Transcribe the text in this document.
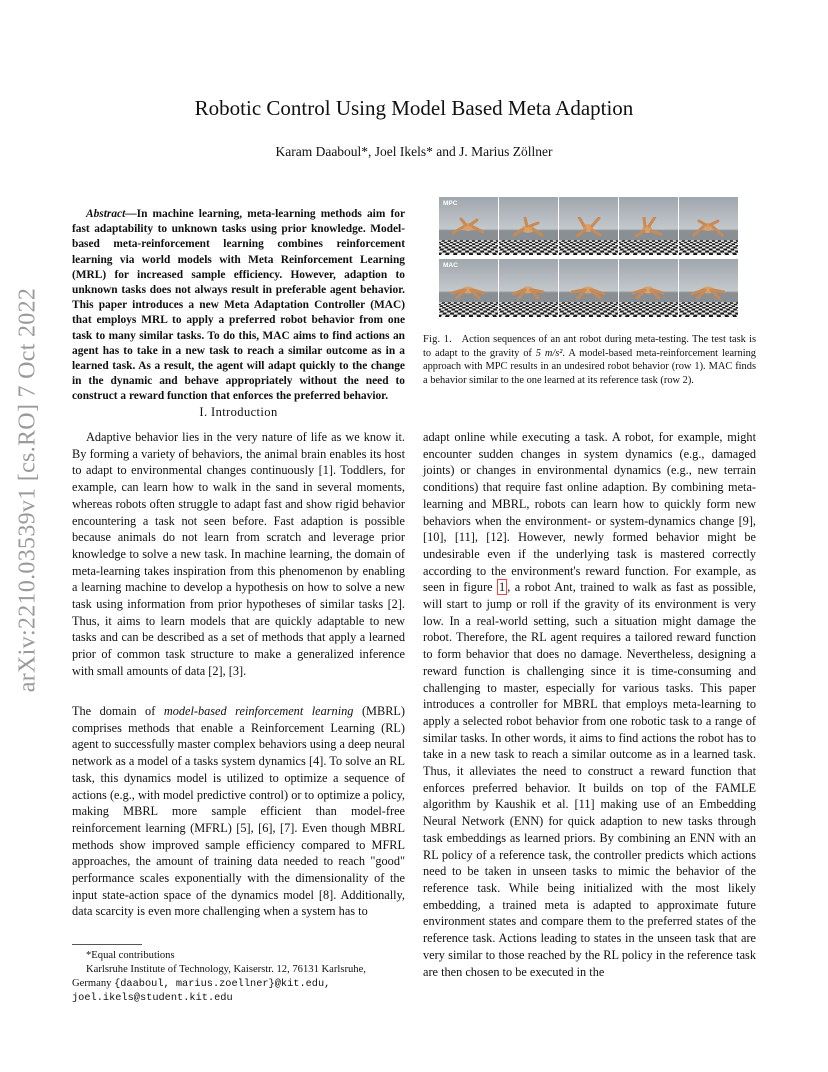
Robotic Control Using Model Based Meta Adaption
Karam Daaboul*, Joel Ikels* and J. Marius Zöllner
arXiv:2210.03539v1 [cs.RO] 7 Oct 2022
Abstract—In machine learning, meta-learning methods aim for fast adaptability to unknown tasks using prior knowledge. Model-based meta-reinforcement learning combines reinforcement learning via world models with Meta Reinforcement Learning (MRL) for increased sample efficiency. However, adaption to unknown tasks does not always result in preferable agent behavior. This paper introduces a new Meta Adaptation Controller (MAC) that employs MRL to apply a preferred robot behavior from one task to many similar tasks. To do this, MAC aims to find actions an agent has to take in a new task to reach a similar outcome as in a learned task. As a result, the agent will adapt quickly to the change in the dynamic and behave appropriately without the need to construct a reward function that enforces the preferred behavior.
I. Introduction

Adaptive behavior lies in the very nature of life as we know it. By forming a variety of behaviors, the animal brain enables its host to adapt to environmental changes continuously [1]. Toddlers, for example, can learn how to walk in the sand in several moments, whereas robots often struggle to adapt fast and show rigid behavior encountering a task not seen before. Fast adaption is possible because animals do not learn from scratch and leverage prior knowledge to solve a new task. In machine learning, the domain of meta-learning takes inspiration from this phenomenon by enabling a learning machine to develop a hypothesis on how to solve a new task using information from prior hypotheses of similar tasks [2]. Thus, it aims to learn models that are quickly adaptable to new tasks and can be described as a set of methods that apply a learned prior of common task structure to make a generalized inference with small amounts of data [2], [3].

The domain of model-based reinforcement learning (MBRL) comprises methods that enable a Reinforcement Learning (RL) agent to successfully master complex behaviors using a deep neural network as a model of a tasks system dynamics [4]. To solve an RL task, this dynamics model is utilized to optimize a sequence of actions (e.g., with model predictive control) or to optimize a policy, making MBRL more sample efficient than model-free reinforcement learning (MFRL) [5], [6], [7]. Even though MBRL methods show improved sample efficiency compared to MFRL approaches, the amount of training data needed to reach "good" performance scales exponentially with the dimensionality of the input state-action space of the dynamics model [8]. Additionally, data scarcity is even more challenging when a system has to

*Equal contributions
Karlsruhe Institute of Technology, Kaiserstr. 12, 76131 Karlsruhe, Germany {daaboul, marius.zoellner}@kit.edu,
joel.ikels@student.kit.edu
MPC
MAC
Fig. 1. Action sequences of an ant robot during meta-testing. The test task is to adapt to the gravity of 5 m/s². A model-based meta-reinforcement learning approach with MPC results in an undesired robot behavior (row 1). MAC finds a behavior similar to the one learned at its reference task (row 2).

adapt online while executing a task. A robot, for example, might encounter sudden changes in system dynamics (e.g., damaged joints) or changes in environmental dynamics (e.g., new terrain conditions) that require fast online adaption. By combining meta-learning and MBRL, robots can learn how to quickly form new behaviors when the environment- or system-dynamics change [9], [10], [11], [12]. However, newly formed behavior might be undesirable even if the underlying task is mastered correctly according to the environment's reward function. For example, as seen in figure 1 , a robot Ant, trained to walk as fast as possible, will start to jump or roll if the gravity of its environment is very low. In a real-world setting, such a situation might damage the robot. Therefore, the RL agent requires a tailored reward function to form behavior that does no damage. Nevertheless, designing a reward function is challenging since it is time-consuming and challenging to master, especially for various tasks. This paper introduces a controller for MBRL that employs meta-learning to apply a selected robot behavior from one robotic task to a range of similar tasks. In other words, it aims to find actions the robot has to take in a new task to reach a similar outcome as in a learned task. Thus, it alleviates the need to construct a reward function that enforces preferred behavior. It builds on top of the FAMLE algorithm by Kaushik et al. [11] making use of an Embedding Neural Network (ENN) for quick adaption to new tasks through task embeddings as learned priors. By combining an ENN with an RL policy of a reference task, the controller predicts which actions need to be taken in unseen tasks to mimic the behavior of the reference task. While being initialized with the most likely embedding, a trained meta is adapted to approximate future environment states and compare them to the preferred states of the reference task. Actions leading to states in the unseen task that are very similar to those reached by the RL policy in the reference task are then chosen to be executed in the
